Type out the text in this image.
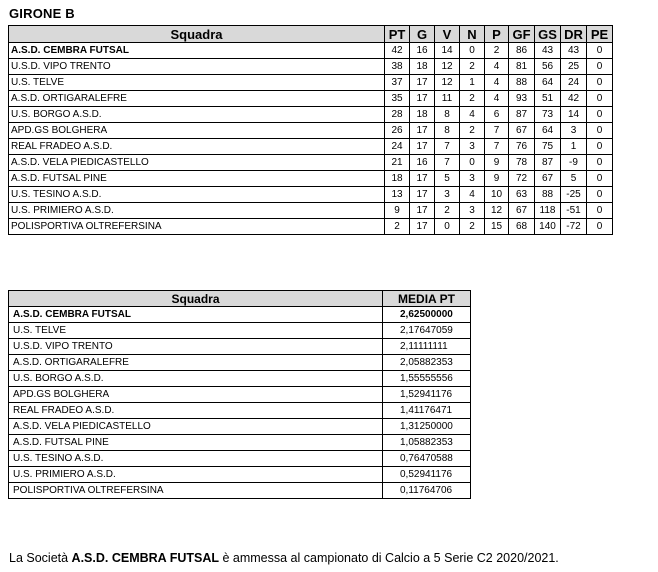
GIRONE B
Squadra	PT	G	V	N	P	GF	GS	DR	PE
A.S.D. CEMBRA FUTSAL	42	16	14	0	2	86	43	43	0
U.S.D. VIPO TRENTO	38	18	12	2	4	81	56	25	0
U.S. TELVE	37	17	12	1	4	88	64	24	0
A.S.D. ORTIGARALEFRE	35	17	11	2	4	93	51	42	0
U.S. BORGO A.S.D.	28	18	8	4	6	87	73	14	0
APD.GS BOLGHERA	26	17	8	2	7	67	64	3	0
REAL FRADEO A.S.D.	24	17	7	3	7	76	75	1	0
A.S.D. VELA PIEDICASTELLO	21	16	7	0	9	78	87	-9	0
A.S.D. FUTSAL PINE	18	17	5	3	9	72	67	5	0
U.S. TESINO A.S.D.	13	17	3	4	10	63	88	-25	0
U.S. PRIMIERO A.S.D.	9	17	2	3	12	67	118	-51	0
POLISPORTIVA OLTREFERSINA	2	17	0	2	15	68	140	-72	0
Squadra	MEDIA PT
A.S.D. CEMBRA FUTSAL	2,62500000
U.S. TELVE	2,17647059
U.S.D. VIPO TRENTO	2,11111111
A.S.D. ORTIGARALEFRE	2,05882353
U.S. BORGO A.S.D.	1,55555556
APD.GS BOLGHERA	1,52941176
REAL FRADEO A.S.D.	1,41176471
A.S.D. VELA PIEDICASTELLO	1,31250000
A.S.D. FUTSAL PINE	1,05882353
U.S. TESINO A.S.D.	0,76470588
U.S. PRIMIERO A.S.D.	0,52941176
POLISPORTIVA OLTREFERSINA	0,11764706
La Società A.S.D. CEMBRA FUTSAL è ammessa al campionato di Calcio a 5 Serie C2 2020/2021.
